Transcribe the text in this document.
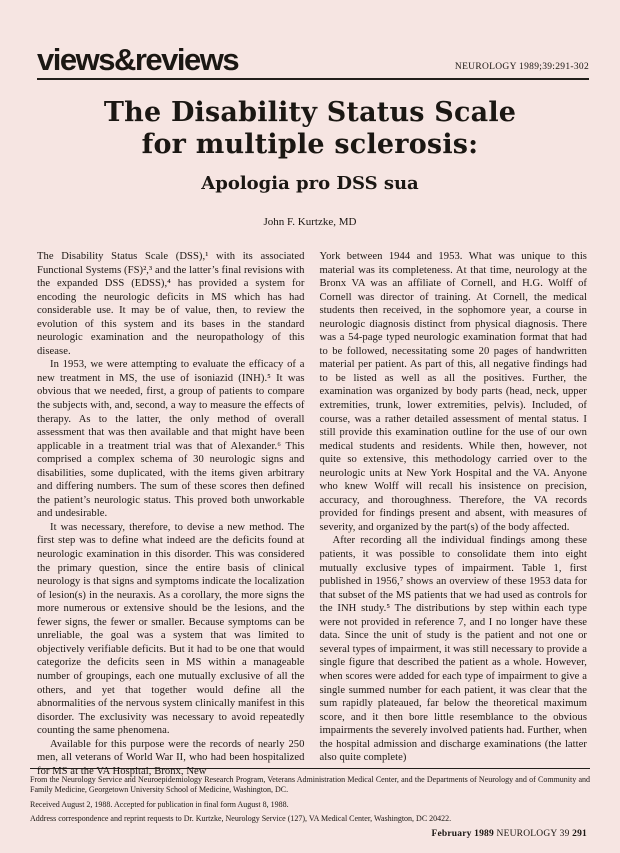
views&reviews	NEUROLOGY 1989;39:291-302
The Disability Status Scale
for multiple sclerosis:
Apologia pro DSS sua
John F. Kurtzke, MD

The Disability Status Scale (DSS),¹ with its associated Functional Systems (FS)²,³ and the latter’s final revisions with the expanded DSS (EDSS),⁴ has provided a system for encoding the neurologic deficits in MS which has had considerable use. It may be of value, then, to review the evolution of this system and its bases in the standard neurologic examination and the neuropathology of this disease.

In 1953, we were attempting to evaluate the efficacy of a new treatment in MS, the use of isoniazid (INH).⁵ It was obvious that we needed, first, a group of patients to compare the subjects with, and, second, a way to measure the effects of therapy. As to the latter, the only method of overall assessment that was then available and that might have been applicable in a treatment trial was that of Alexander.⁶ This comprised a complex schema of 30 neurologic signs and disabilities, some duplicated, with the items given arbitrary and differing numbers. The sum of these scores then defined the patient’s neurologic status. This proved both unworkable and undesirable.

It was necessary, therefore, to devise a new method. The first step was to define what indeed are the deficits found at neurologic examination in this disorder. This was considered the primary question, since the entire basis of clinical neurology is that signs and symptoms indicate the localization of lesion(s) in the neuraxis. As a corollary, the more signs the more numerous or extensive should be the lesions, and the fewer signs, the fewer or smaller. Because symptoms can be unreliable, the goal was a system that was limited to objectively verifiable deficits. But it had to be one that would categorize the deficits seen in MS within a manageable number of groupings, each one mutually exclusive of all the others, and yet that together would define all the abnormalities of the nervous system clinically manifest in this disorder. The exclusivity was necessary to avoid repeatedly counting the same phenomena.

Available for this purpose were the records of nearly 250 men, all veterans of World War II, who had been hospitalized for MS at the VA Hospital, Bronx, New

York between 1944 and 1953. What was unique to this material was its completeness. At that time, neurology at the Bronx VA was an affiliate of Cornell, and H.G. Wolff of Cornell was director of training. At Cornell, the medical students then received, in the sophomore year, a course in neurologic diagnosis distinct from physical diagnosis. There was a 54-page typed neurologic examination format that had to be followed, necessitating some 20 pages of handwritten material per patient. As part of this, all negative findings had to be listed as well as all the positives. Further, the examination was organized by body parts (head, neck, upper extremities, trunk, lower extremities, pelvis). Included, of course, was a rather detailed assessment of mental status. I still provide this examination outline for the use of our own medical students and residents. While then, however, not quite so extensive, this methodology carried over to the neurologic units at New York Hospital and the VA. Anyone who knew Wolff will recall his insistence on precision, accuracy, and thoroughness. Therefore, the VA records provided for findings present and absent, with measures of severity, and organized by the part(s) of the body affected.

After recording all the individual findings among these patients, it was possible to consolidate them into eight mutually exclusive types of impairment. Table 1, first published in 1956,⁷ shows an overview of these 1953 data for that subset of the MS patients that we had used as controls for the INH study.⁵ The distributions by step within each type were not provided in reference 7, and I no longer have these data. Since the unit of study is the patient and not one or several types of impairment, it was still necessary to provide a single figure that described the patient as a whole. However, when scores were added for each type of impairment to give a single summed number for each patient, it was clear that the sum rapidly plateaued, far below the theoretical maximum score, and it then bore little resemblance to the obvious impairments the severely involved patients had. Further, when the hospital admission and discharge examinations (the latter also quite complete)

From the Neurology Service and Neuroepidemiology Research Program, Veterans Administration Medical Center, and the Departments of Neurology and of Community and Family Medicine, Georgetown University School of Medicine, Washington, DC.

Received August 2, 1988. Accepted for publication in final form August 8, 1988.

Address correspondence and reprint requests to Dr. Kurtzke, Neurology Service (127), VA Medical Center, Washington, DC 20422.

February 1989 NEUROLOGY 39 291
